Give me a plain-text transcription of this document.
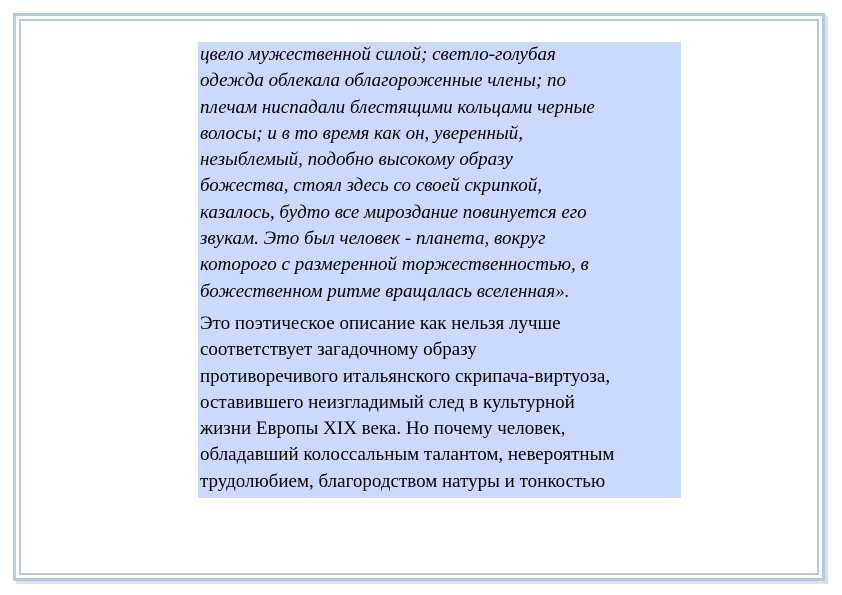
цвело мужественной силой; светло-голубая
одежда облекала облагороженные члены; по
плечам ниспадали блестящими кольцами черные
волосы; и в то время как он, уверенный,
незыблемый, подобно высокому образу
божества, стоял здесь со своей скрипкой,
казалось, будто все мироздание повинуется его
звукам. Это был человек - планета, вокруг
которого с размеренной торжественностью, в
божественном ритме вращалась вселенная».

Это поэтическое описание как нельзя лучше
соответствует загадочному образу
противоречивого итальянского скрипача-виртуоза,
оставившего неизгладимый след в культурной
жизни Европы XIX века. Но почему человек,
обладавший колоссальным талантом, невероятным
трудолюбием, благородством натуры и тонкостью
